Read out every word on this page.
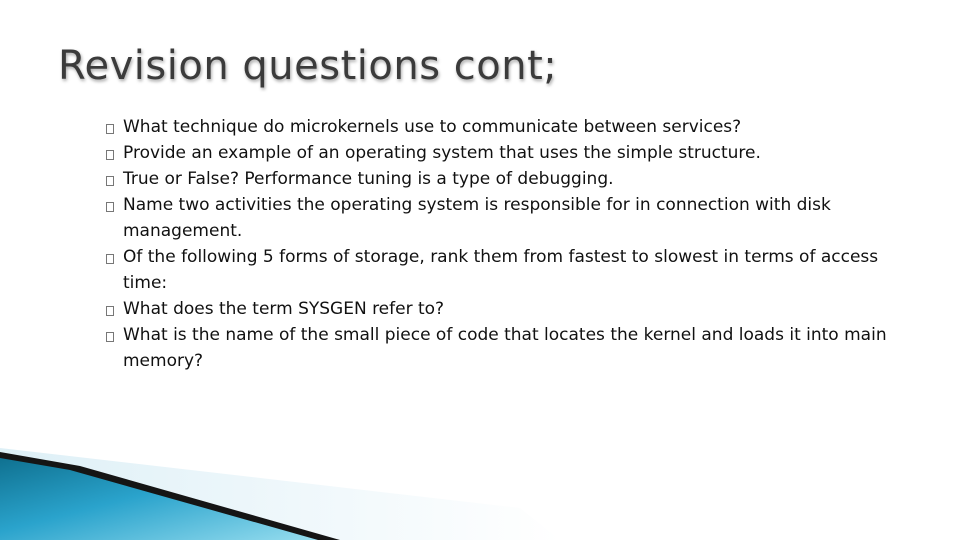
Revision questions cont;
What technique do microkernels use to communicate between services?
Provide an example of an operating system that uses the simple structure.
True or False? Performance tuning is a type of debugging.
Name two activities the operating system is responsible for in connection with disk management.
Of the following 5 forms of storage, rank them from fastest to slowest in terms of access time:
What does the term SYSGEN refer to?
What is the name of the small piece of code that locates the kernel and loads it into main memory?
